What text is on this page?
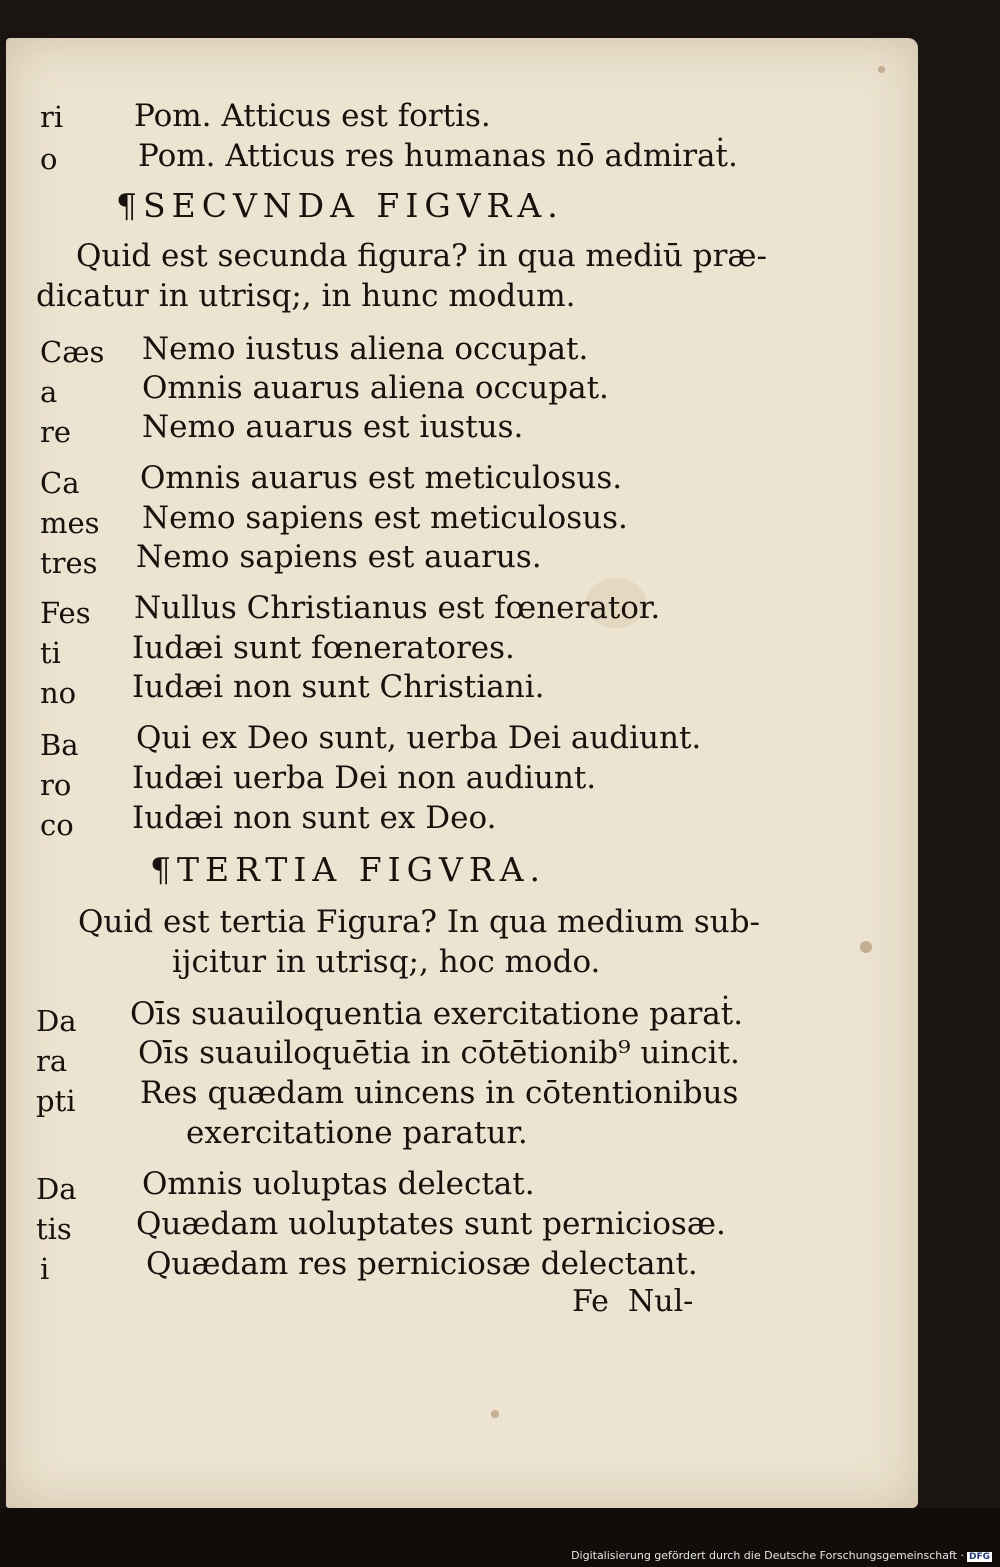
ri Pom. Atticus est fortis.
o	Pom. Atticus res humanas nō admiraṫ.
¶SECVNDA FIGVRA.
Quid est secunda figura? in qua mediū præ‑
dicatur in utrisq;, in hunc modum.
Cæs Nemo iustus aliena occupat.
a	Omnis auarus aliena occupat.
re Nemo auarus est iustus.
Ca Omnis auarus est meticulosus.
mes Nemo sapiens est meticulosus.
tres Nemo sapiens est auarus.
Fes Nullus Christianus est fœnerator.
ti Iudæi sunt fœneratores.
no Iudæi non sunt Christiani.
Ba Qui ex Deo sunt, uerba Dei audiunt.
ro Iudæi uerba Dei non audiunt.
co Iudæi non sunt ex Deo.
¶TERTIA FIGVRA.
Quid est tertia Figura? In qua medium sub‑
ijcitur in utrisq;, hoc modo.
Da Oīs suauiloquentia exercitatione paraṫ.
ra Oīs suauiloquētia in cōtētionib⁹ uincit.
pti Res quædam uincens in cōtentionibus
exercitatione paratur.
Da Omnis uoluptas delectat.
tis Quædam uoluptates sunt perniciosæ.
i	Quædam res perniciosæ delectant.
Fe  Nul‑
Digitalisierung gefördert durch die Deutsche Forschungsgemeinschaft · DFG
